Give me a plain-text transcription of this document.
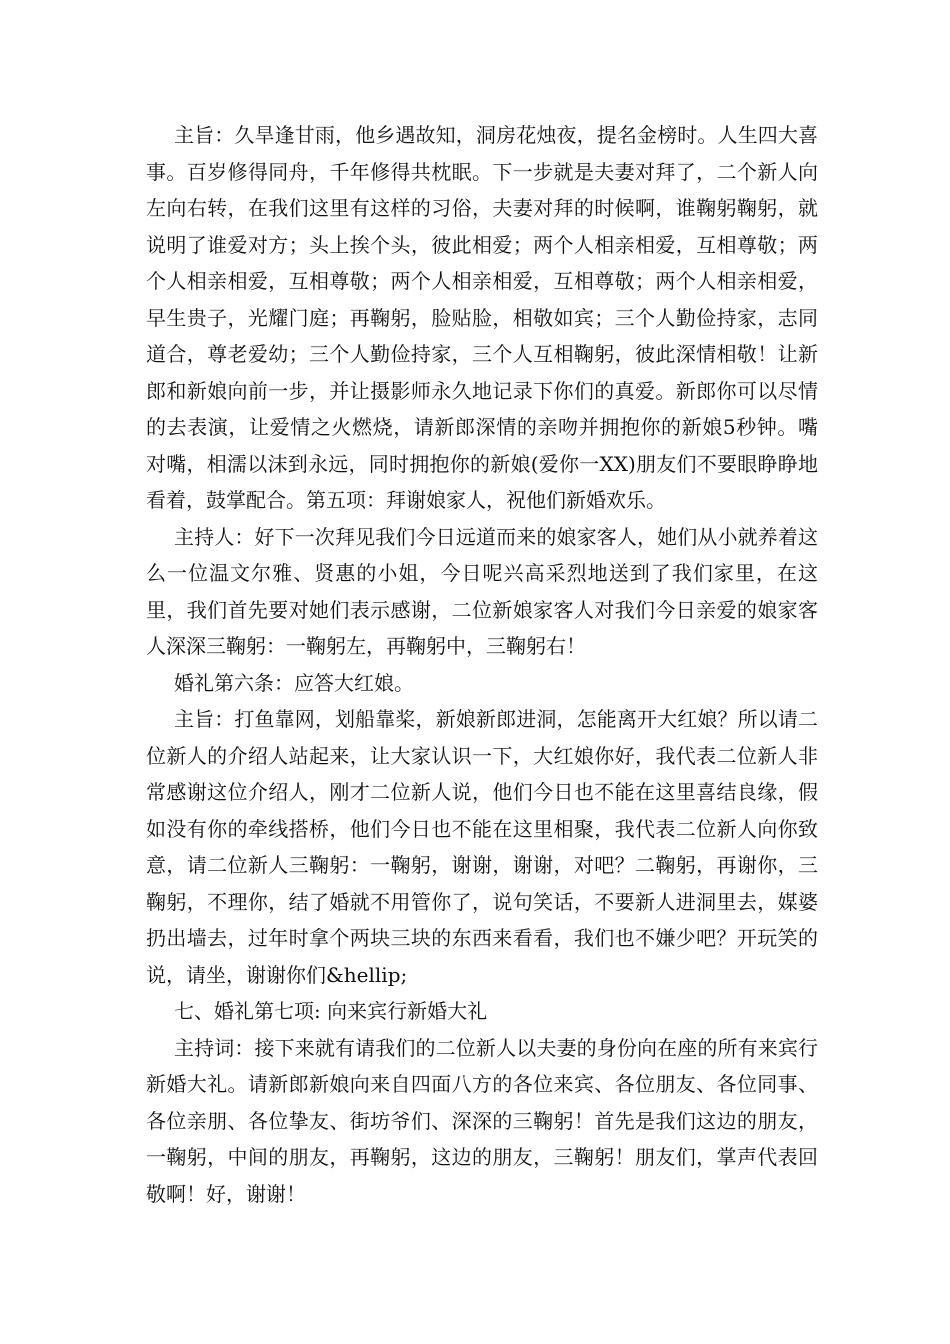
主旨：久旱逢甘雨，他乡遇故知，洞房花烛夜，提名金榜时。人生四大喜事。百岁修得同舟，千年修得共枕眠。下一步就是夫妻对拜了，二个新人向左向右转，在我们这里有这样的习俗，夫妻对拜的时候啊，谁鞠躬鞠躬，就说明了谁爱对方；头上挨个头，彼此相爱；两个人相亲相爱，互相尊敬；两个人相亲相爱，互相尊敬；两个人相亲相爱，互相尊敬；两个人相亲相爱，早生贵子，光耀门庭；再鞠躬，脸贴脸，相敬如宾；三个人勤俭持家，志同道合，尊老爱幼；三个人勤俭持家，三个人互相鞠躬，彼此深情相敬！让新郎和新娘向前一步，并让摄影师永久地记录下你们的真爱。新郎你可以尽情的去表演，让爱情之火燃烧，请新郎深情的亲吻并拥抱你的新娘5秒钟。嘴对嘴，相濡以沫到永远，同时拥抱你的新娘(爱你一XX)朋友们不要眼睁睁地看着，鼓掌配合。第五项：拜谢娘家人，祝他们新婚欢乐。

主持人：好下一次拜见我们今日远道而来的娘家客人，她们从小就养着这么一位温文尔雅、贤惠的小姐，今日呢兴高采烈地送到了我们家里，在这里，我们首先要对她们表示感谢，二位新娘家客人对我们今日亲爱的娘家客人深深三鞠躬：一鞠躬左，再鞠躬中，三鞠躬右！

婚礼第六条：应答大红娘。

主旨：打鱼靠网，划船靠桨，新娘新郎进洞，怎能离开大红娘？所以请二位新人的介绍人站起来，让大家认识一下，大红娘你好，我代表二位新人非常感谢这位介绍人，刚才二位新人说，他们今日也不能在这里喜结良缘，假如没有你的牵线搭桥，他们今日也不能在这里相聚，我代表二位新人向你致意，请二位新人三鞠躬：一鞠躬，谢谢，谢谢，对吧？二鞠躬，再谢你，三鞠躬，不理你，结了婚就不用管你了，说句笑话，不要新人进洞里去，媒婆扔出墙去，过年时拿个两块三块的东西来看看，我们也不嫌少吧？开玩笑的说，请坐，谢谢你们&hellip;

七、婚礼第七项: 向来宾行新婚大礼

主持词：接下来就有请我们的二位新人以夫妻的身份向在座的所有来宾行新婚大礼。请新郎新娘向来自四面八方的各位来宾、各位朋友、各位同事、各位亲朋、各位挚友、街坊爷们、深深的三鞠躬！首先是我们这边的朋友，一鞠躬，中间的朋友，再鞠躬，这边的朋友，三鞠躬！朋友们，掌声代表回敬啊！好，谢谢！
